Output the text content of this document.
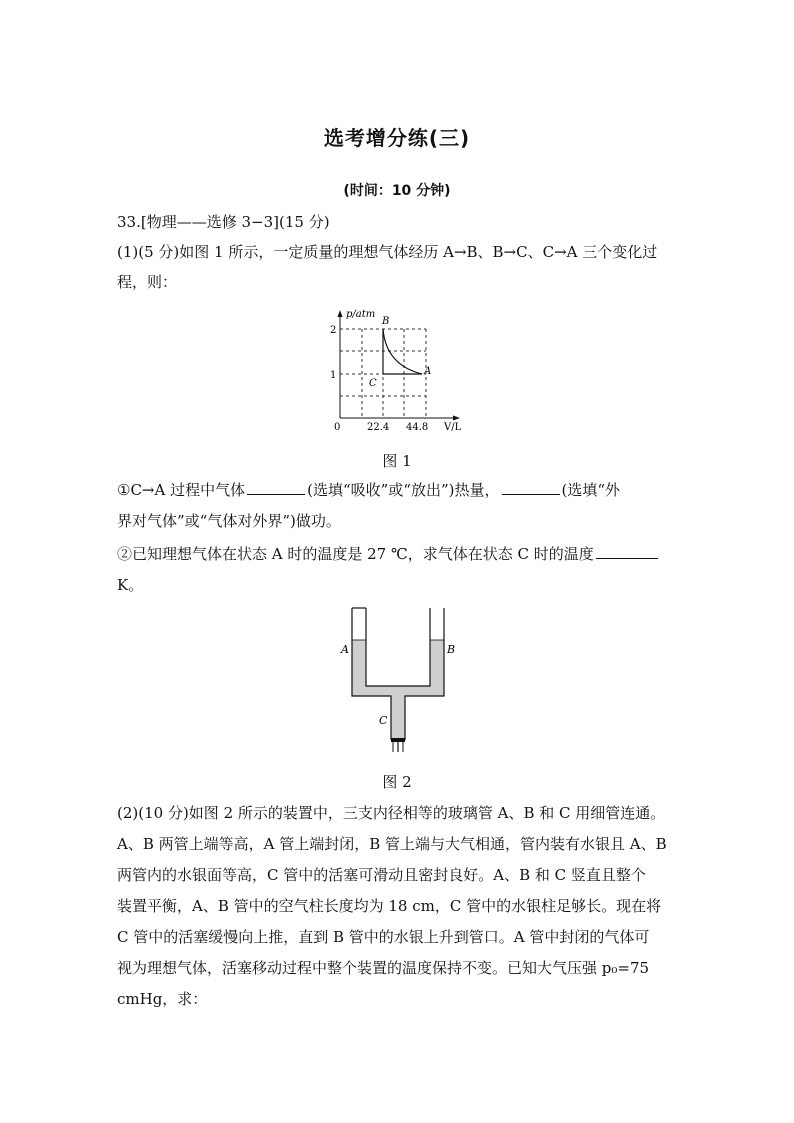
选考增分练(三)
(时间：10 分钟)
33.[物理——选修 3−3](15 分)
(1)(5 分)如图 1 所示，一定质量的理想气体经历 A→B、B→C、C→A 三个变化过
程，则：
p/atm
V/L
0
1
2
22.4 44.8
B
A
C
图 1
①C→A 过程中气体	(选填“吸收”或“放出”)热量，	(选填“外
界对气体”或“气体对外界”)做功。
②已知理想气体在状态 A 时的温度是 27 ℃，求气体在状态 C 时的温度
K。
A	B
C
图 2
(2)(10 分)如图 2 所示的装置中，三支内径相等的玻璃管 A、B 和 C 用细管连通。
A、B 两管上端等高，A 管上端封闭，B 管上端与大气相通，管内装有水银且 A、B
两管内的水银面等高，C 管中的活塞可滑动且密封良好。A、B 和 C 竖直且整个
装置平衡，A、B 管中的空气柱长度均为 18 cm，C 管中的水银柱足够长。现在将
C 管中的活塞缓慢向上推，直到 B 管中的水银上升到管口。A 管中封闭的气体可
视为理想气体，活塞移动过程中整个装置的温度保持不变。已知大气压强 p₀=75
cmHg，求：
